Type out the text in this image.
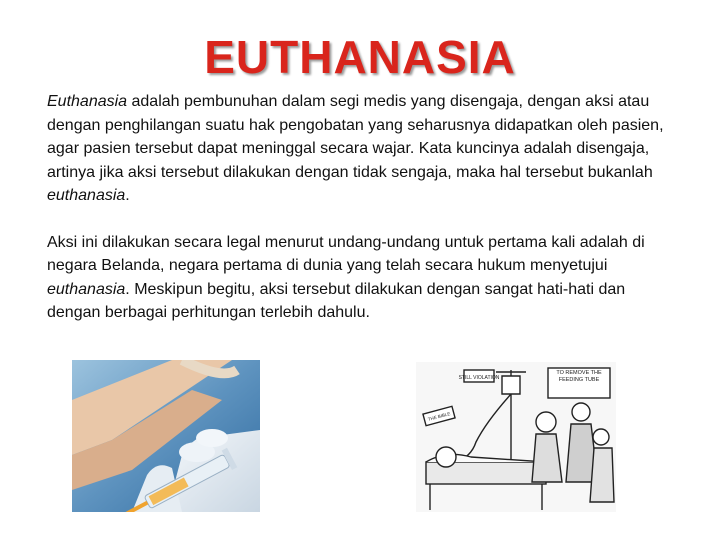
EUTHANASIA

Euthanasia adalah pembunuhan dalam segi medis yang disengaja, dengan aksi atau dengan penghilangan suatu hak pengobatan yang seharusnya didapatkan oleh pasien, agar pasien tersebut dapat meninggal secara wajar. Kata kuncinya adalah disengaja, artinya jika aksi tersebut dilakukan dengan tidak sengaja, maka hal tersebut bukanlah euthanasia.

Aksi ini dilakukan secara legal menurut undang-undang untuk pertama kali adalah di negara Belanda, negara pertama di dunia yang telah secara hukum menyetujui euthanasia. Meskipun begitu, aksi tersebut dilakukan dengan sangat hati-hati dan dengan berbagai perhitungan terlebih dahulu.

STILL VIOLATION
TO REMOVE THE FEEDING TUBE
THE BIBLE
